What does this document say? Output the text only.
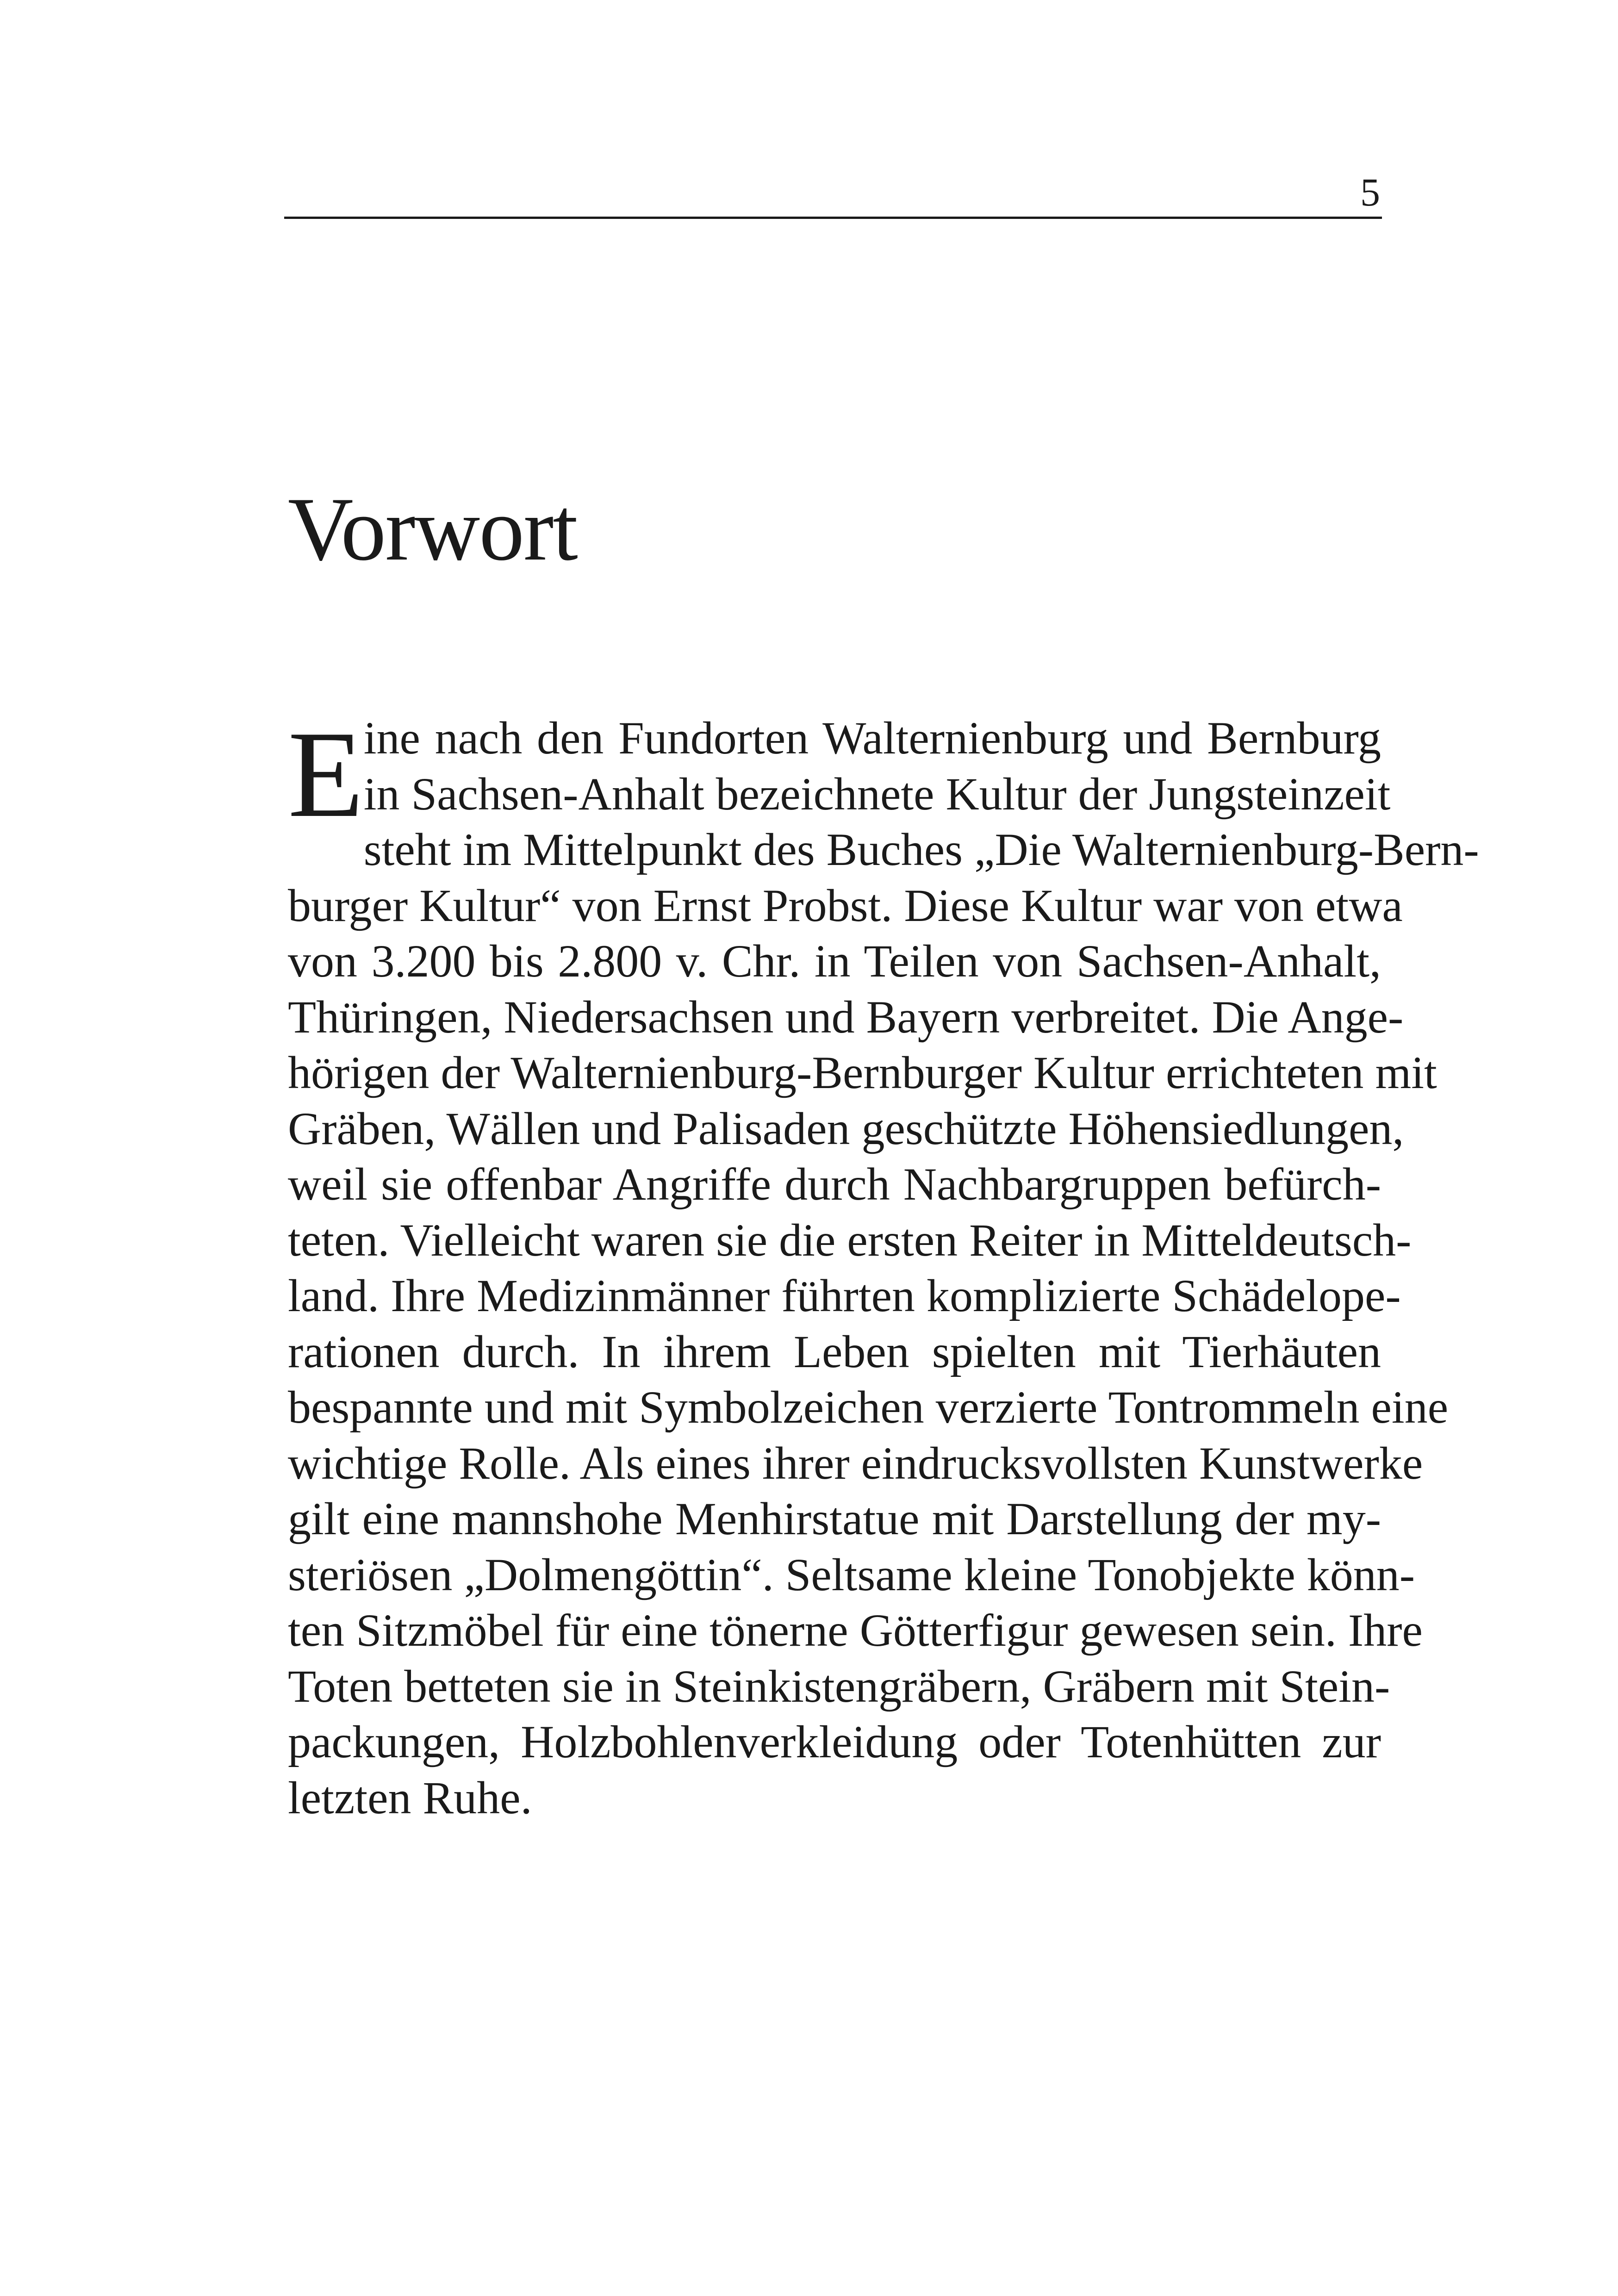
5
Vorwort
E ine nach den Fundorten Walternienburg und Bernburg
in Sachsen-Anhalt bezeichnete Kultur der Jungsteinzeit
steht im Mittelpunkt des Buches „Die Walternienburg-Bern-
burger Kultur“ von Ernst Probst. Diese Kultur war von etwa
von 3.200 bis 2.800 v. Chr. in Teilen von Sachsen-Anhalt,
Thüringen, Niedersachsen und Bayern verbreitet. Die Ange-
hörigen der Walternienburg-Bernburger Kultur errichteten mit
Gräben, Wällen und Palisaden geschützte Höhensiedlungen,
weil sie offenbar Angriffe durch Nachbargruppen befürch-
teten. Vielleicht waren sie die ersten Reiter in Mitteldeutsch-
land. Ihre Medizinmänner führten komplizierte Schädelope-
rationen durch. In ihrem Leben spielten mit Tierhäuten
bespannte und mit Symbolzeichen verzierte Tontrommeln eine
wichtige Rolle. Als eines ihrer eindrucksvollsten Kunstwerke
gilt eine mannshohe Menhirstatue mit Darstellung der my-
steriösen „Dolmengöttin“. Seltsame kleine Tonobjekte könn-
ten Sitzmöbel für eine tönerne Götterfigur gewesen sein. Ihre
Toten betteten sie in Steinkistengräbern, Gräbern mit Stein-
packungen, Holzbohlenverkleidung oder Totenhütten zur
letzten Ruhe.
